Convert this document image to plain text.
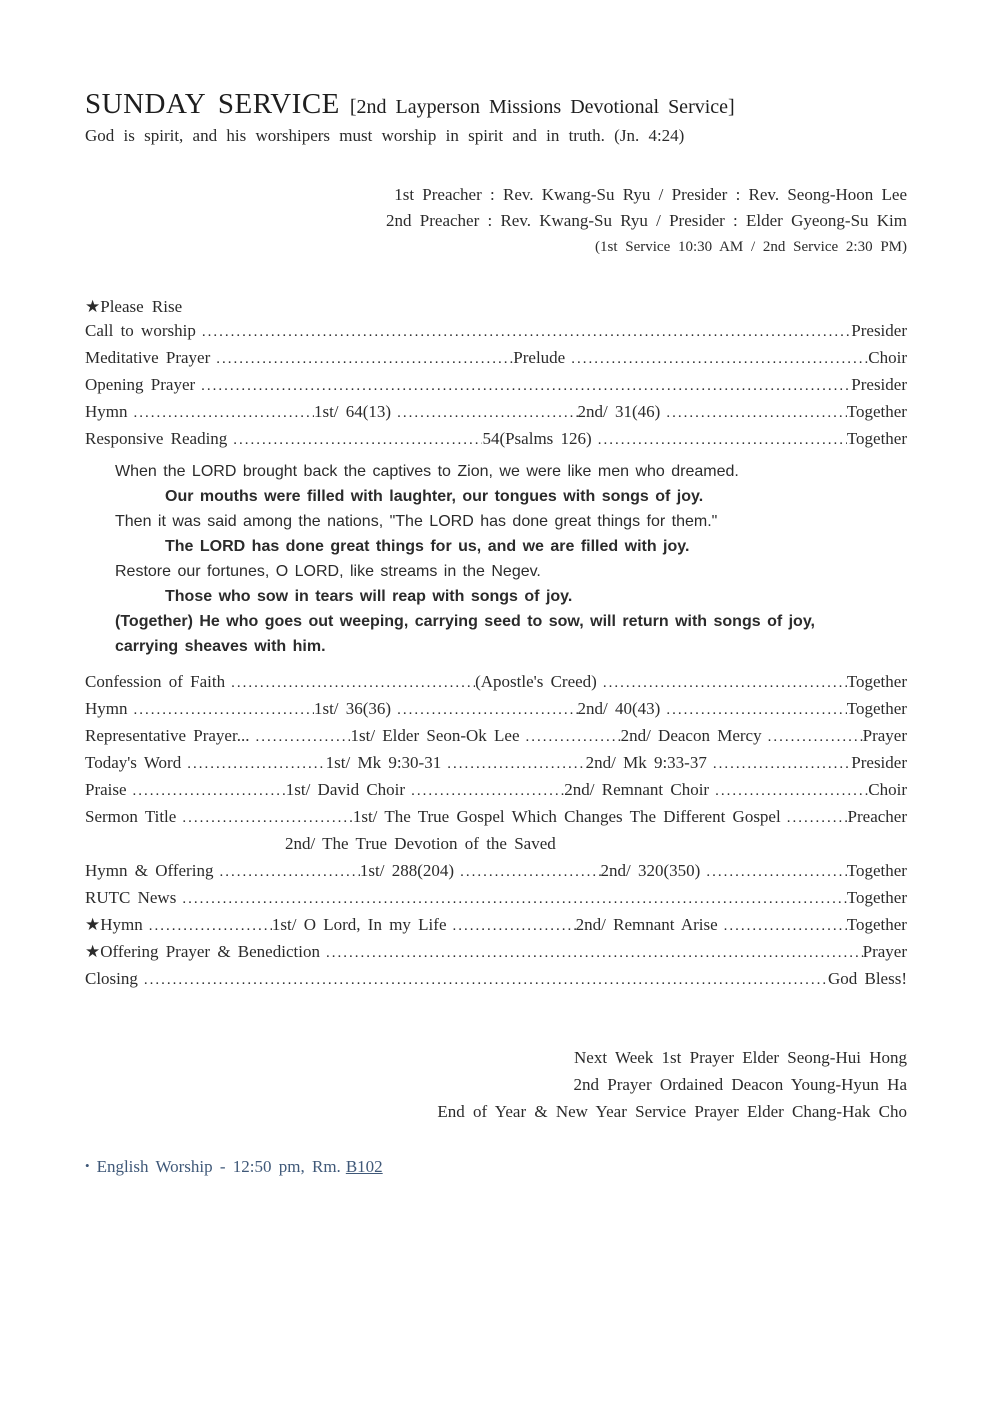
SUNDAY SERVICE [2nd Layperson Missions Devotional Service]
God is spirit, and his worshipers must worship in spirit and in truth. (Jn. 4:24)
1st Preacher : Rev. Kwang-Su Ryu / Presider : Rev. Seong-Hoon Lee
2nd Preacher : Rev. Kwang-Su Ryu / Presider : Elder Gyeong-Su Kim
(1st Service 10:30 AM / 2nd Service 2:30 PM)
★Please Rise
Call to worship .....	Presider
Meditative Prayer .....	Prelude .....	Choir
Opening Prayer .....	Presider
Hymn .....	1st/ 64(13) .....	2nd/ 31(46) .....	Together
Responsive Reading .....	54(Psalms 126) .....	Together
When the LORD brought back the captives to Zion, we were like men who dreamed.
Our mouths were filled with laughter, our tongues with songs of joy.
Then it was said among the nations, "The LORD has done great things for them."
The LORD has done great things for us, and we are filled with joy.
Restore our fortunes, O LORD, like streams in the Negev.
Those who sow in tears will reap with songs of joy.
(Together) He who goes out weeping, carrying seed to sow, will return with songs of joy,
carrying sheaves with him.
Confession of Faith .....	(Apostle's Creed) .....	Together
Hymn .....	1st/ 36(36) .....	2nd/ 40(43) .....	Together
Representative Prayer... .....	1st/ Elder Seon-Ok Lee .....	2nd/ Deacon Mercy .....	Prayer
Today's Word .....	1st/ Mk 9:30-31 .....	2nd/ Mk 9:33-37 .....	Presider
Praise .....	1st/ David Choir .....	2nd/ Remnant Choir .....	Choir
Sermon Title .....	1st/ The True Gospel Which Changes The Different Gospel .....	Preacher
2nd/ The True Devotion of the Saved
Hymn & Offering .....	1st/ 288(204) .....	2nd/ 320(350) .....	Together
RUTC News .....	Together
★Hymn .....	1st/ O Lord, In my Life .....	2nd/ Remnant Arise .....	Together
★Offering Prayer & Benediction .....	Prayer
Closing .....	God Bless!
Next Week 1st Prayer Elder Seong-Hui Hong
2nd Prayer Ordained Deacon Young-Hyun Ha
End of Year & New Year Service Prayer Elder Chang-Hak Cho
• English Worship - 12:50 pm, Rm. B102
